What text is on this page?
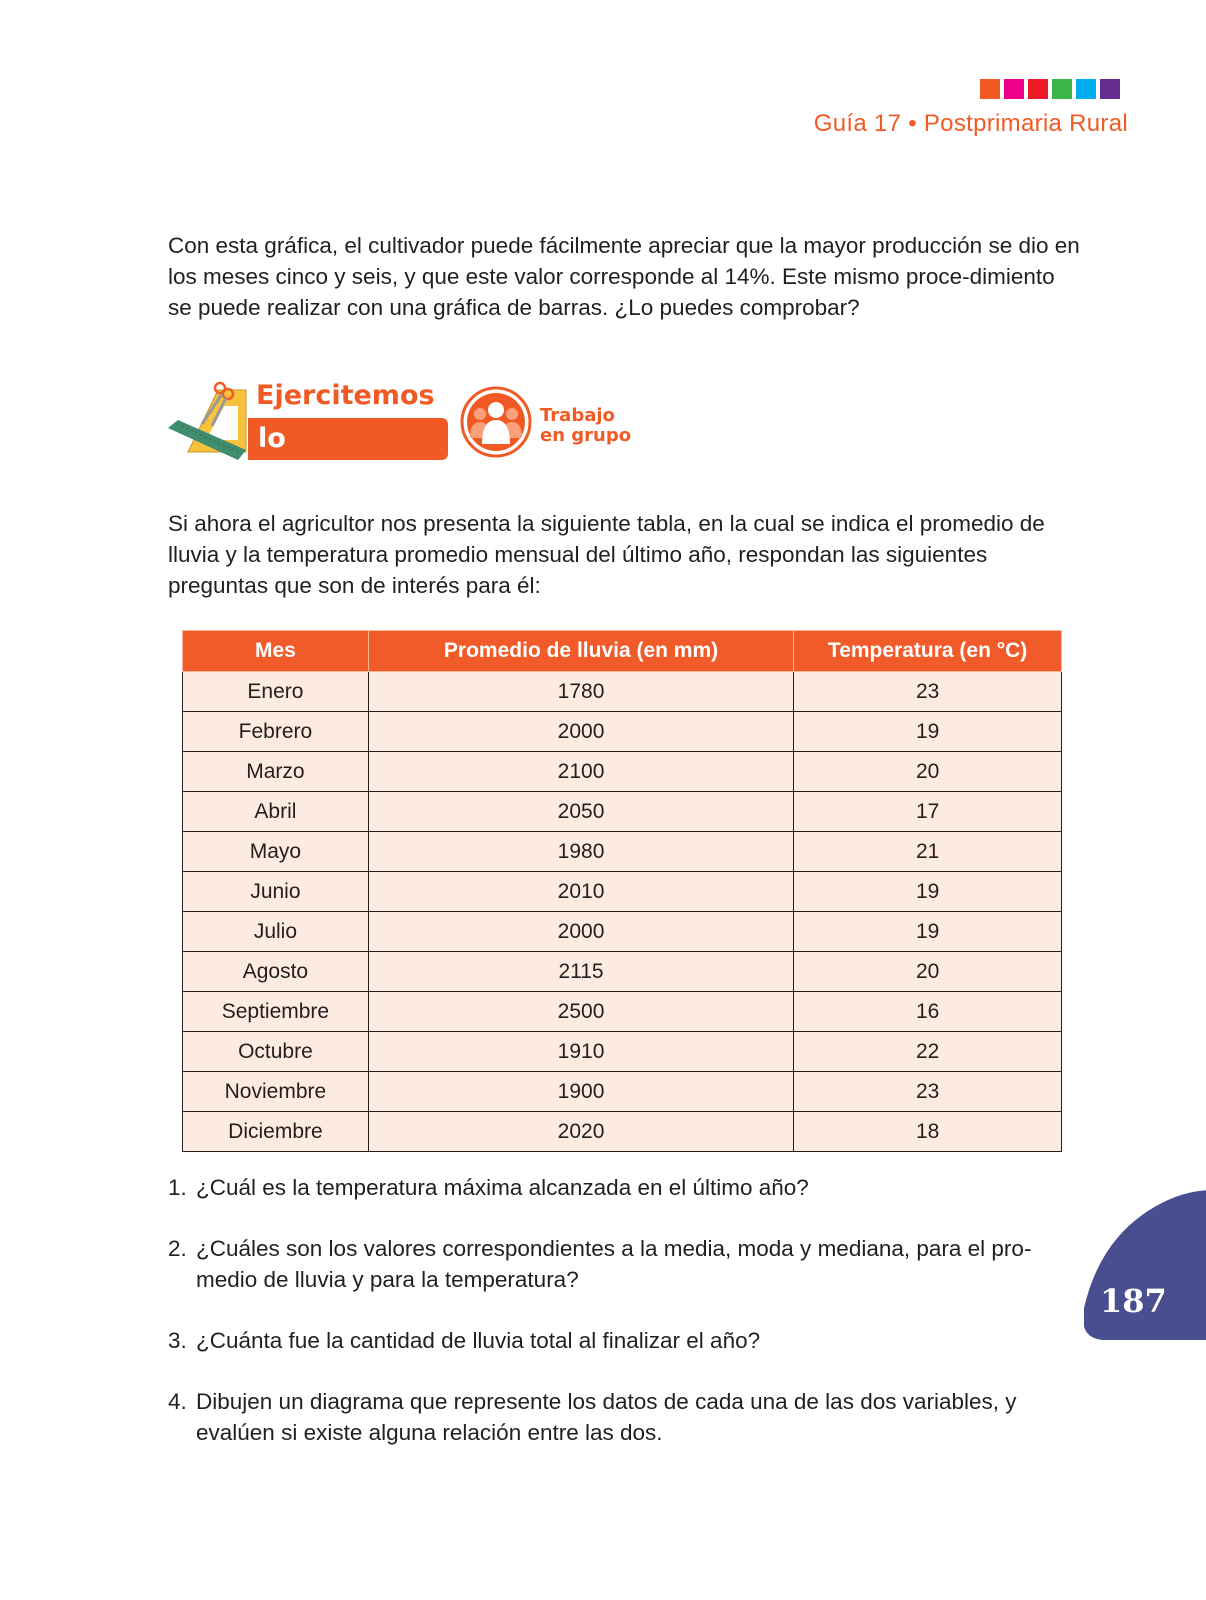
Guía 17 • Postprimaria Rural

Con esta gráfica, el cultivador puede fácilmente apreciar que la mayor producción se dio en los meses cinco y seis, y que este valor corresponde al 14%. Este mismo proce-dimiento se puede realizar con una gráfica de barras. ¿Lo puedes comprobar?

Ejercitemos
lo aprendido
Trabajo
en grupo

Si ahora el agricultor nos presenta la siguiente tabla, en la cual se indica el promedio de lluvia y la temperatura promedio mensual del último año, respondan las siguientes preguntas que son de interés para él:

Mes	Promedio de lluvia (en mm)	Temperatura (en °C)
Enero	1780	23
Febrero	2000	19
Marzo	2100	20
Abril	2050	17
Mayo	1980	21
Junio	2010	19
Julio	2000	19
Agosto	2115	20
Septiembre	2500	16
Octubre	1910	22
Noviembre	1900	23
Diciembre	2020	18
1. ¿Cuál es la temperatura máxima alcanzada en el último año?
2. ¿Cuáles son los valores correspondientes a la media, moda y mediana, para el pro-medio de lluvia y para la temperatura?
3. ¿Cuánta fue la cantidad de lluvia total al finalizar el año?
4. Dibujen un diagrama que represente los datos de cada una de las dos variables, y evalúen si existe alguna relación entre las dos.
187
